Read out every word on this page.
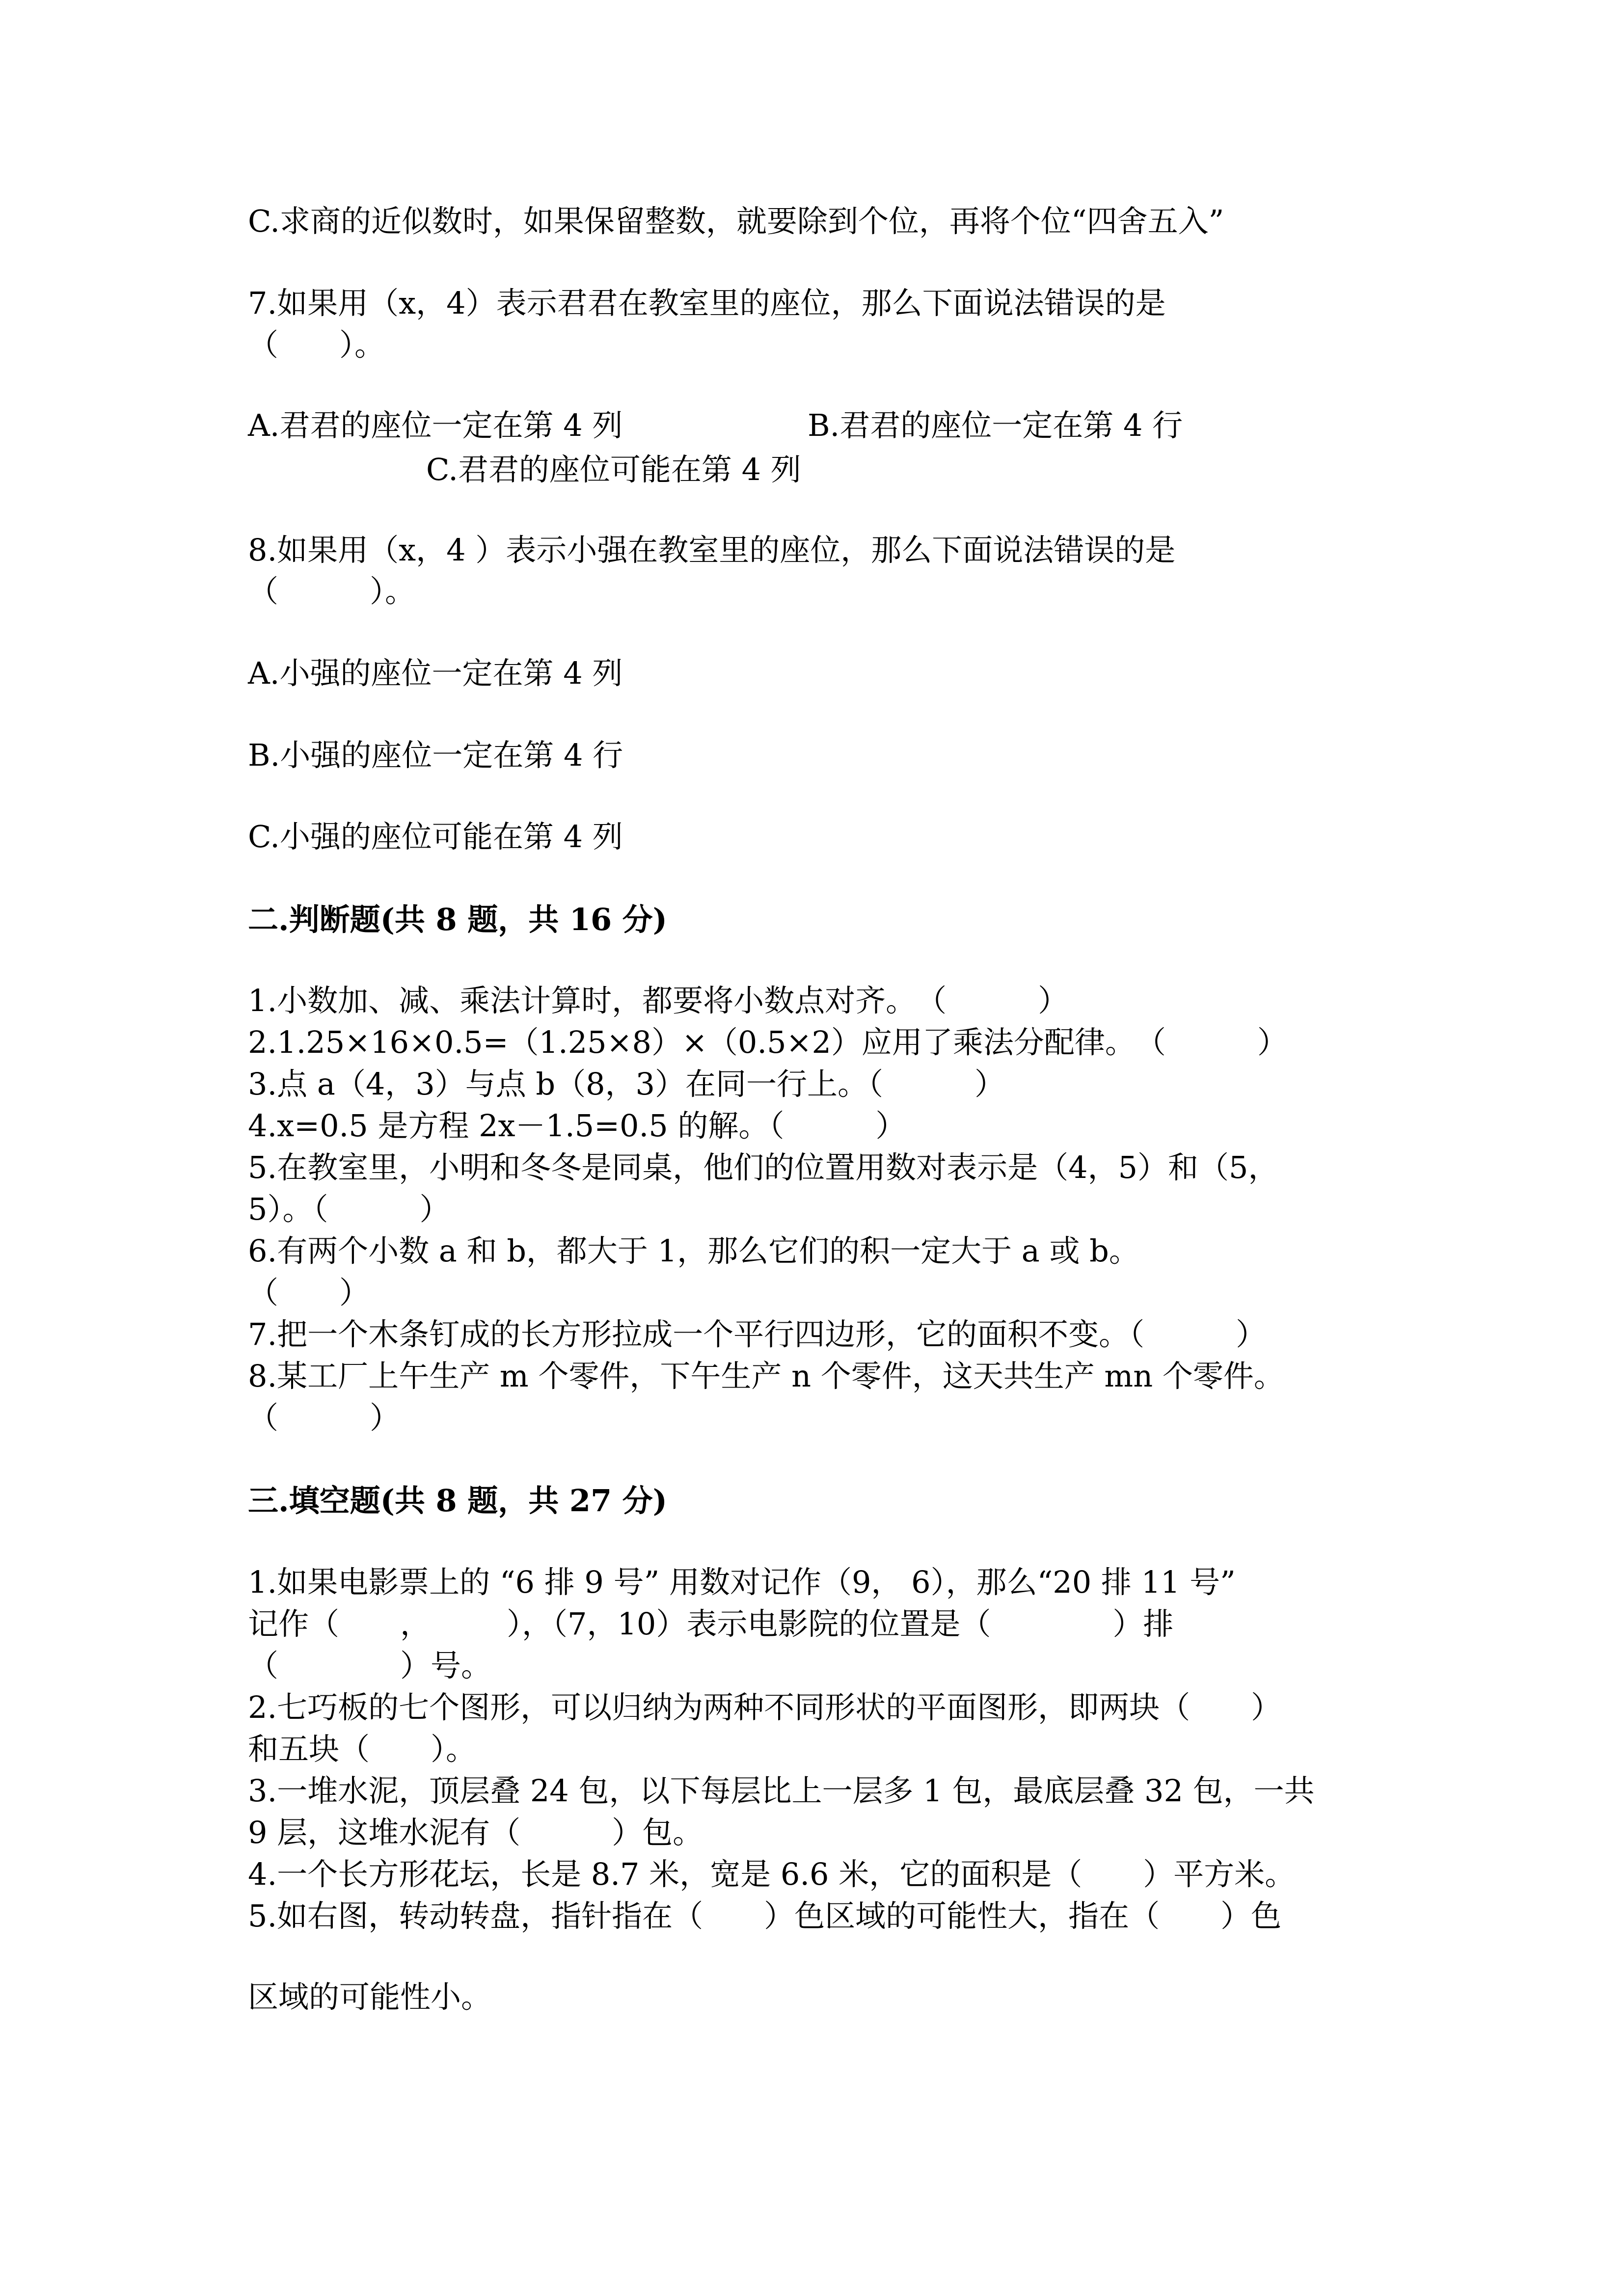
C.求商的近似数时，如果保留整数，就要除到个位，再将个位“四舍五入”
7.如果用（x，4）表示君君在教室里的座位，那么下面说法错误的是
（　　）。
A.君君的座位一定在第 4 列	B.君君的座位一定在第 4 行
C.君君的座位可能在第 4 列
8.如果用（x，4 ）表示小强在教室里的座位，那么下面说法错误的是
（　　　）。
A.小强的座位一定在第 4 列
B.小强的座位一定在第 4 行
C.小强的座位可能在第 4 列
二.判断题(共 8 题，共 16 分)
1.小数加、减、乘法计算时，都要将小数点对齐。　（　　　）
2.1.25×16×0.5=（1.25×8）×（0.5×2）应用了乘法分配律。　（　　　）
3.点 a（4，3）与点 b（8，3）在同一行上。（　　　）
4.x=0.5 是方程 2x－1.5=0.5 的解。（　　　）
5.在教室里，小明和冬冬是同桌，他们的位置用数对表示是（4，5）和（5，
5）。（　　　）
6.有两个小数 a 和 b，都大于 1，那么它们的积一定大于 a 或 b。
（　　）
7.把一个木条钉成的长方形拉成一个平行四边形，它的面积不变。（　　　）
8.某工厂上午生产 m 个零件，下午生产 n 个零件，这天共生产 mn 个零件。
（　　　）
三.填空题(共 8 题，共 27 分)
1.如果电影票上的 “6 排 9 号” 用数对记作（9， 6），那么“20 排 11 号”
记作（　　，　　　），（7，10）表示电影院的位置是（　　　　）排
（　　　　）号。
2.七巧板的七个图形，可以归纳为两种不同形状的平面图形，即两块（　　）
和五块（　　）。
3.一堆水泥，顶层叠 24 包，以下每层比上一层多 1 包，最底层叠 32 包，一共
9 层，这堆水泥有（　　　）包。
4.一个长方形花坛，长是 8.7 米，宽是 6.6 米，它的面积是（　　）平方米。
5.如右图，转动转盘，指针指在（　　）色区域的可能性大，指在（　　）色
区域的可能性小。
